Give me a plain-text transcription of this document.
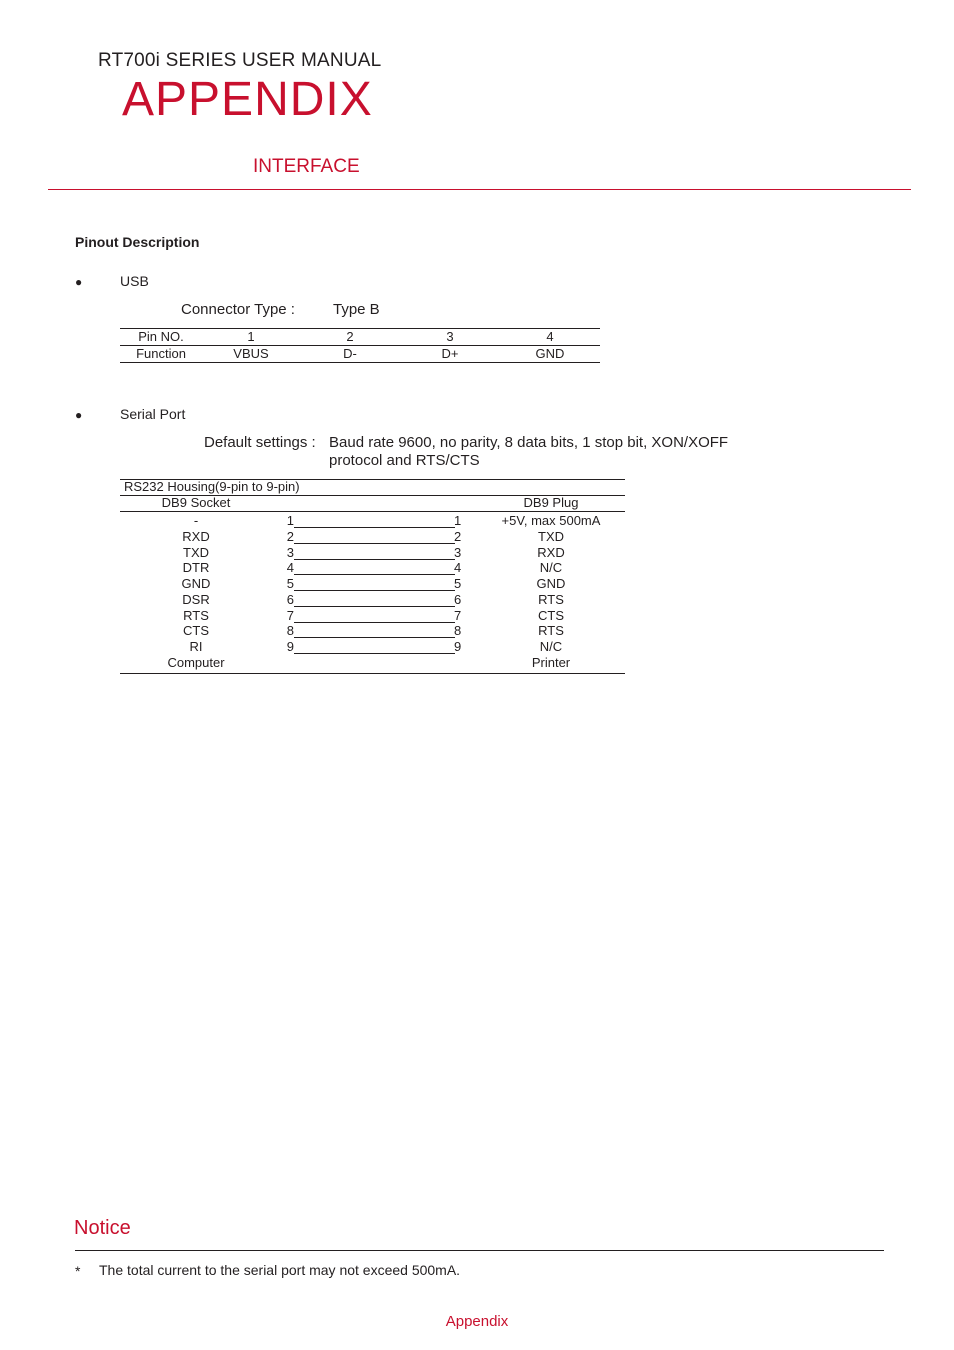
RT700i SERIES USER MANUAL
APPENDIX
INTERFACE
Pinout Description
●	USB
Connector Type :	Type B
Pin NO.	1	2	3	4
Function	VBUS	D-	D+	GND
●	Serial Port
Default settings : Baud rate 9600, no parity, 8 data bits, 1 stop bit, XON/XOFF protocol and RTS/CTS
RS232 Housing(9-pin to 9-pin)
DB9 Socket	DB9 Plug
-	1	1	+5V, max 500mA
RXD	2	2	TXD
TXD	3	3	RXD
DTR	4	4	N/C
GND	5	5	GND
DSR	6	6	RTS
RTS	7	7	CTS
CTS	8	8	RTS
RI	9	9	N/C
Computer	Printer
Notice
* The total current to the serial port may not exceed 500mA.
Appendix
